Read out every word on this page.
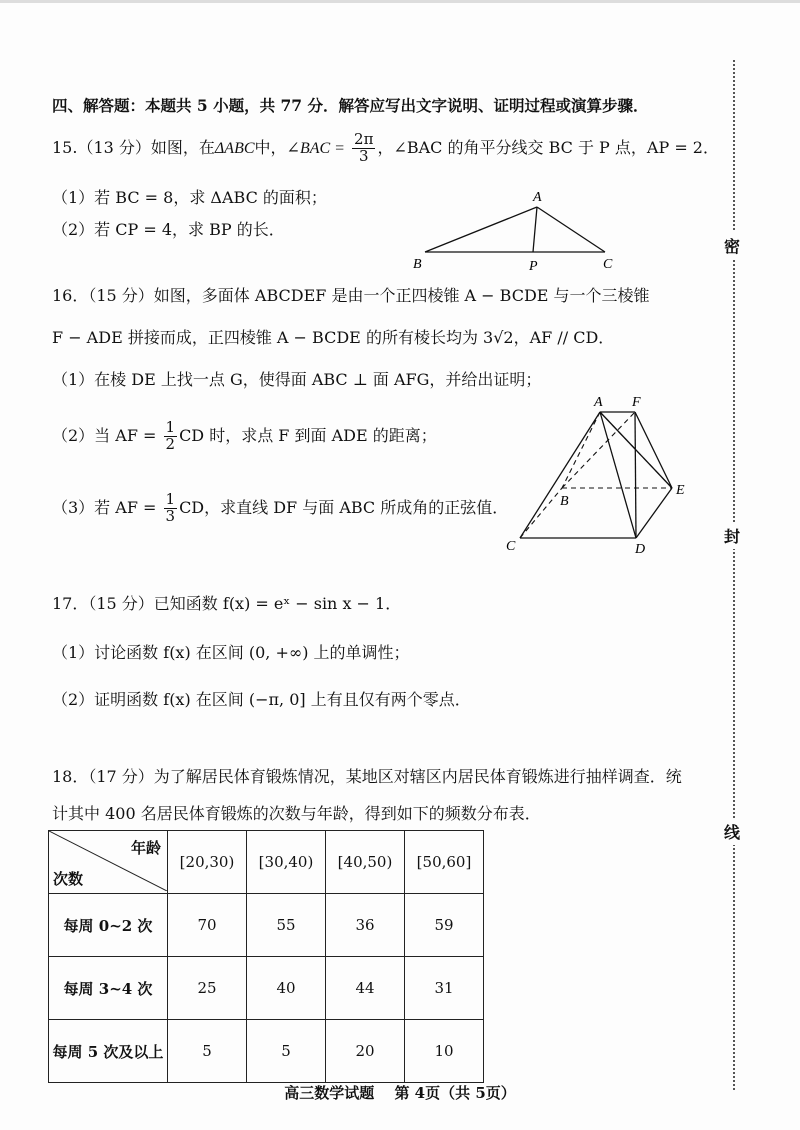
四、解答题：本题共 5 小题，共 77 分．解答应写出文字说明、证明过程或演算步骤．
15.（13 分）如图，在ΔABC中，∠BAC = $\frac{2\pi}{3}$ ，∠BAC 的角平分线交 BC 于 P 点，AP = 2．
（1）若 BC = 8，求 ΔABC 的面积；
（2）若 CP = 4，求 BP 的长．
A
B	P	C
16．（15 分）如图，多面体 ABCDEF 是由一个正四棱锥 A − BCDE 与一个三棱锥
F − ADE 拼接而成，正四棱锥 A − BCDE 的所有棱长均为 3√2，AF // CD．
（1）在棱 DE 上找一点 G，使得面 ABC ⊥ 面 AFG，并给出证明；
（2）当 AF = $\frac{1}{2}$ CD 时，求点 F 到面 ADE 的距离；
（3）若 AF = $\frac{1}{3}$ CD，求直线 DF 与面 ABC 所成角的正弦值．
A F
B
E
C	D
17．（15 分）已知函数 f(x) = eˣ − sin x − 1．
（1）讨论函数 f(x) 在区间 (0, +∞) 上的单调性；
（2）证明函数 f(x) 在区间 (−π, 0] 上有且仅有两个零点．
18．（17 分）为了解居民体育锻炼情况，某地区对辖区内居民体育锻炼进行抽样调查．统
计其中 400 名居民体育锻炼的次数与年龄，得到如下的频数分布表．
年龄
次数	[20,30)	[30,40)	[40,50)	[50,60]
每周 0~2 次	70	55	36	59
每周 3~4 次	25	40	44	31
每周 5 次及以上	5	5	20	10
密
封
线
高三数学试题　 第 4页（共 5页）
